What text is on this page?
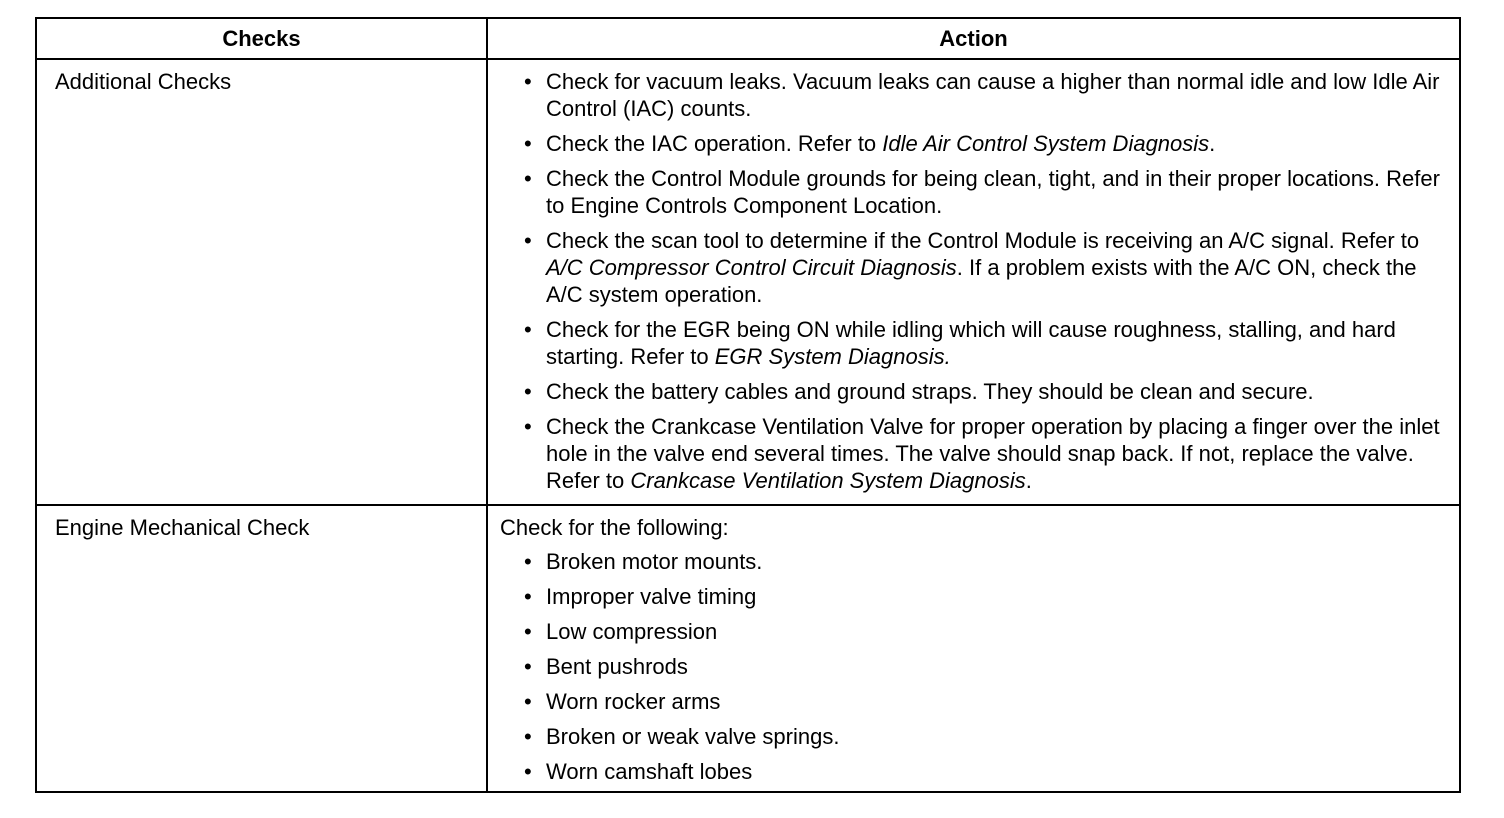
Checks	Action
Additional Checks	• Check for vacuum leaks. Vacuum leaks can cause a higher than normal idle and low Idle Air Control (IAC) counts.
• Check the IAC operation. Refer to Idle Air Control System Diagnosis.
• Check the Control Module grounds for being clean, tight, and in their proper locations. Refer to Engine Controls Component Location.
• Check the scan tool to determine if the Control Module is receiving an A/C signal. Refer to A/C Compressor Control Circuit Diagnosis. If a problem exists with the A/C ON, check the A/C system operation.
• Check for the EGR being ON while idling which will cause roughness, stalling, and hard starting. Refer to EGR System Diagnosis.
• Check the battery cables and ground straps. They should be clean and secure.
• Check the Crankcase Ventilation Valve for proper operation by placing a finger over the inlet hole in the valve end several times. The valve should snap back. If not, replace the valve. Refer to Crankcase Ventilation System Diagnosis.
Engine Mechanical Check	Check for the following:
• Broken motor mounts.
• Improper valve timing
• Low compression
• Bent pushrods
• Worn rocker arms
• Broken or weak valve springs.
• Worn camshaft lobes
